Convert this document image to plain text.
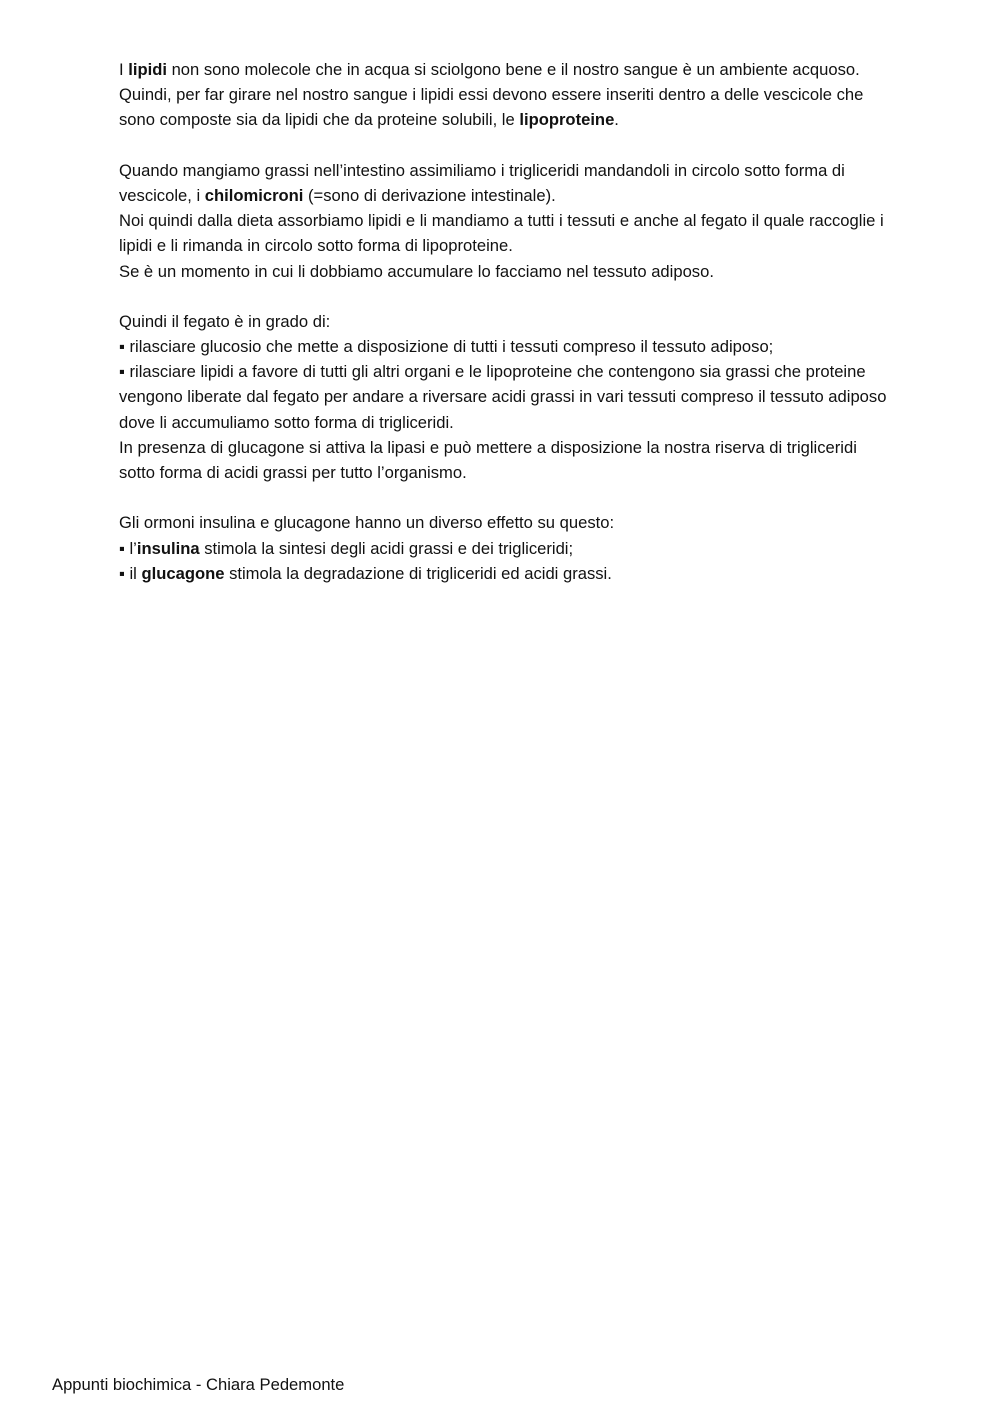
I lipidi non sono molecole che in acqua si sciolgono bene e il nostro sangue è un ambiente acquoso.
Quindi, per far girare nel nostro sangue i lipidi essi devono essere inseriti dentro a delle vescicole che
sono composte sia da lipidi che da proteine solubili, le lipoproteine.
Quando mangiamo grassi nell’intestino assimiliamo i trigliceridi mandandoli in circolo sotto forma di
vescicole, i chilomicroni (=sono di derivazione intestinale).
Noi quindi dalla dieta assorbiamo lipidi e li mandiamo a tutti i tessuti e anche al fegato il quale raccoglie i
lipidi e li rimanda in circolo sotto forma di lipoproteine.
Se è un momento in cui li dobbiamo accumulare lo facciamo nel tessuto adiposo.
Quindi il fegato è in grado di:
▪ rilasciare glucosio che mette a disposizione di tutti i tessuti compreso il tessuto adiposo;
▪ rilasciare lipidi a favore di tutti gli altri organi e le lipoproteine che contengono sia grassi che proteine
vengono liberate dal fegato per andare a riversare acidi grassi in vari tessuti compreso il tessuto adiposo
dove li accumuliamo sotto forma di trigliceridi.
In presenza di glucagone si attiva la lipasi e può mettere a disposizione la nostra riserva di trigliceridi
sotto forma di acidi grassi per tutto l’organismo.
Gli ormoni insulina e glucagone hanno un diverso effetto su questo:
▪ l’insulina stimola la sintesi degli acidi grassi e dei trigliceridi;
▪ il glucagone stimola la degradazione di trigliceridi ed acidi grassi.
Appunti biochimica - Chiara Pedemonte
